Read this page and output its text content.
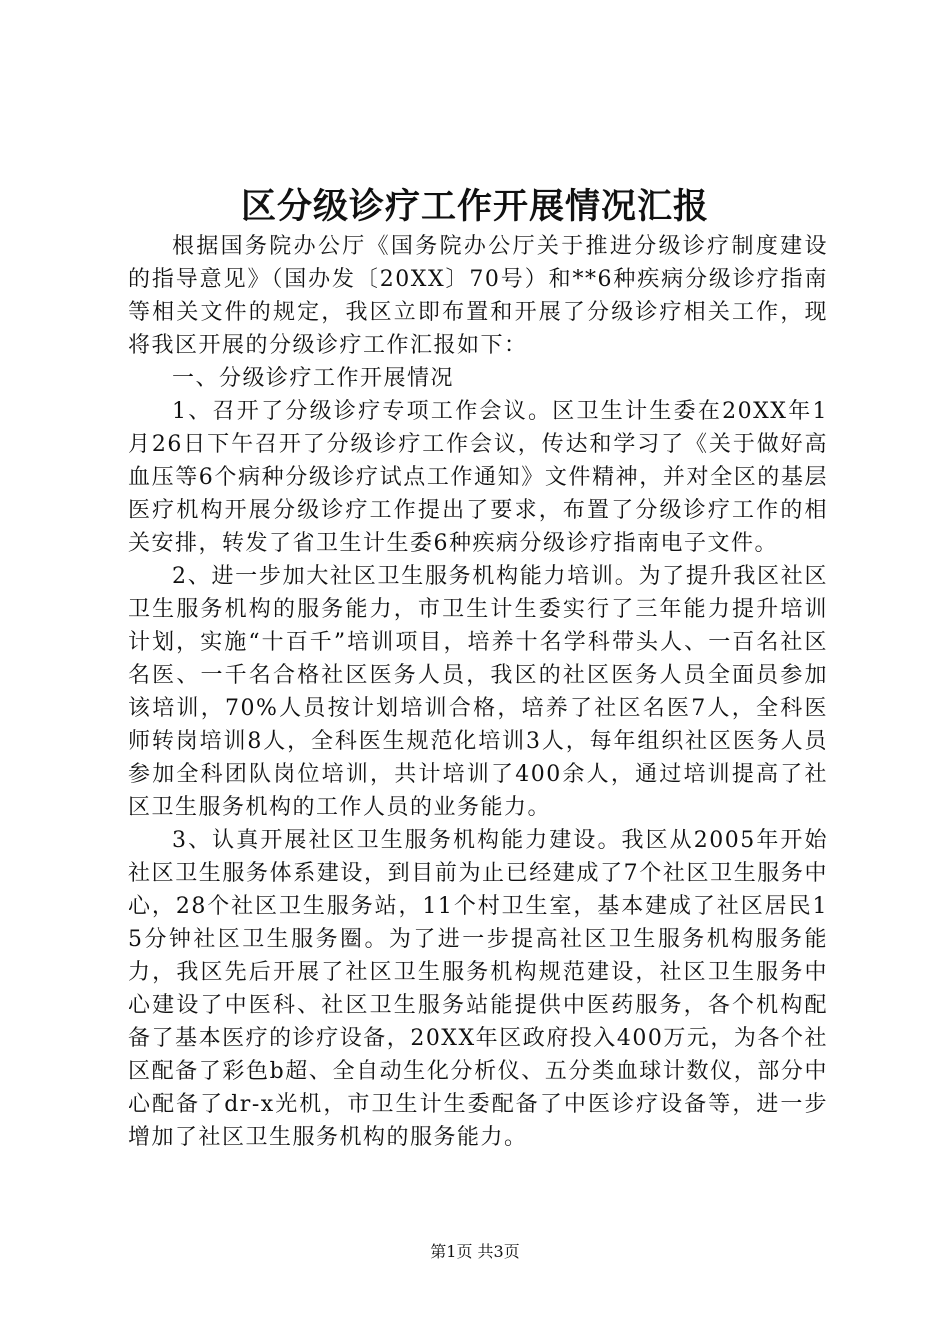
区分级诊疗工作开展情况汇报

根据国务院办公厅《国务院办公厅关于推进分级诊疗制度建设的指导意见》（国办发〔20XX〕70号）和**6种疾病分级诊疗指南等相关文件的规定，我区立即布置和开展了分级诊疗相关工作，现将我区开展的分级诊疗工作汇报如下：

一、分级诊疗工作开展情况

1、召开了分级诊疗专项工作会议。区卫生计生委在20XX年1月26日下午召开了分级诊疗工作会议，传达和学习了《关于做好高血压等6个病种分级诊疗试点工作通知》文件精神，并对全区的基层医疗机构开展分级诊疗工作提出了要求，布置了分级诊疗工作的相关安排，转发了省卫生计生委6种疾病分级诊疗指南电子文件。

2、进一步加大社区卫生服务机构能力培训。为了提升我区社区卫生服务机构的服务能力，市卫生计生委实行了三年能力提升培训计划，实施“十百千”培训项目，培养十名学科带头人、一百名社区名医、一千名合格社区医务人员，我区的社区医务人员全面员参加该培训，70%人员按计划培训合格，培养了社区名医7人，全科医师转岗培训8人，全科医生规范化培训3人，每年组织社区医务人员参加全科团队岗位培训，共计培训了400余人，通过培训提高了社区卫生服务机构的工作人员的业务能力。

3、认真开展社区卫生服务机构能力建设。我区从2005年开始社区卫生服务体系建设，到目前为止已经建成了7个社区卫生服务中心，28个社区卫生服务站，11个村卫生室，基本建成了社区居民15分钟社区卫生服务圈。为了进一步提高社区卫生服务机构服务能力，我区先后开展了社区卫生服务机构规范建设，社区卫生服务中心建设了中医科、社区卫生服务站能提供中医药服务，各个机构配备了基本医疗的诊疗设备，20XX年区政府投入400万元，为各个社区配备了彩色b超、全自动生化分析仪、五分类血球计数仪，部分中心配备了dr-x光机，市卫生计生委配备了中医诊疗设备等，进一步增加了社区卫生服务机构的服务能力。

第1页 共3页
